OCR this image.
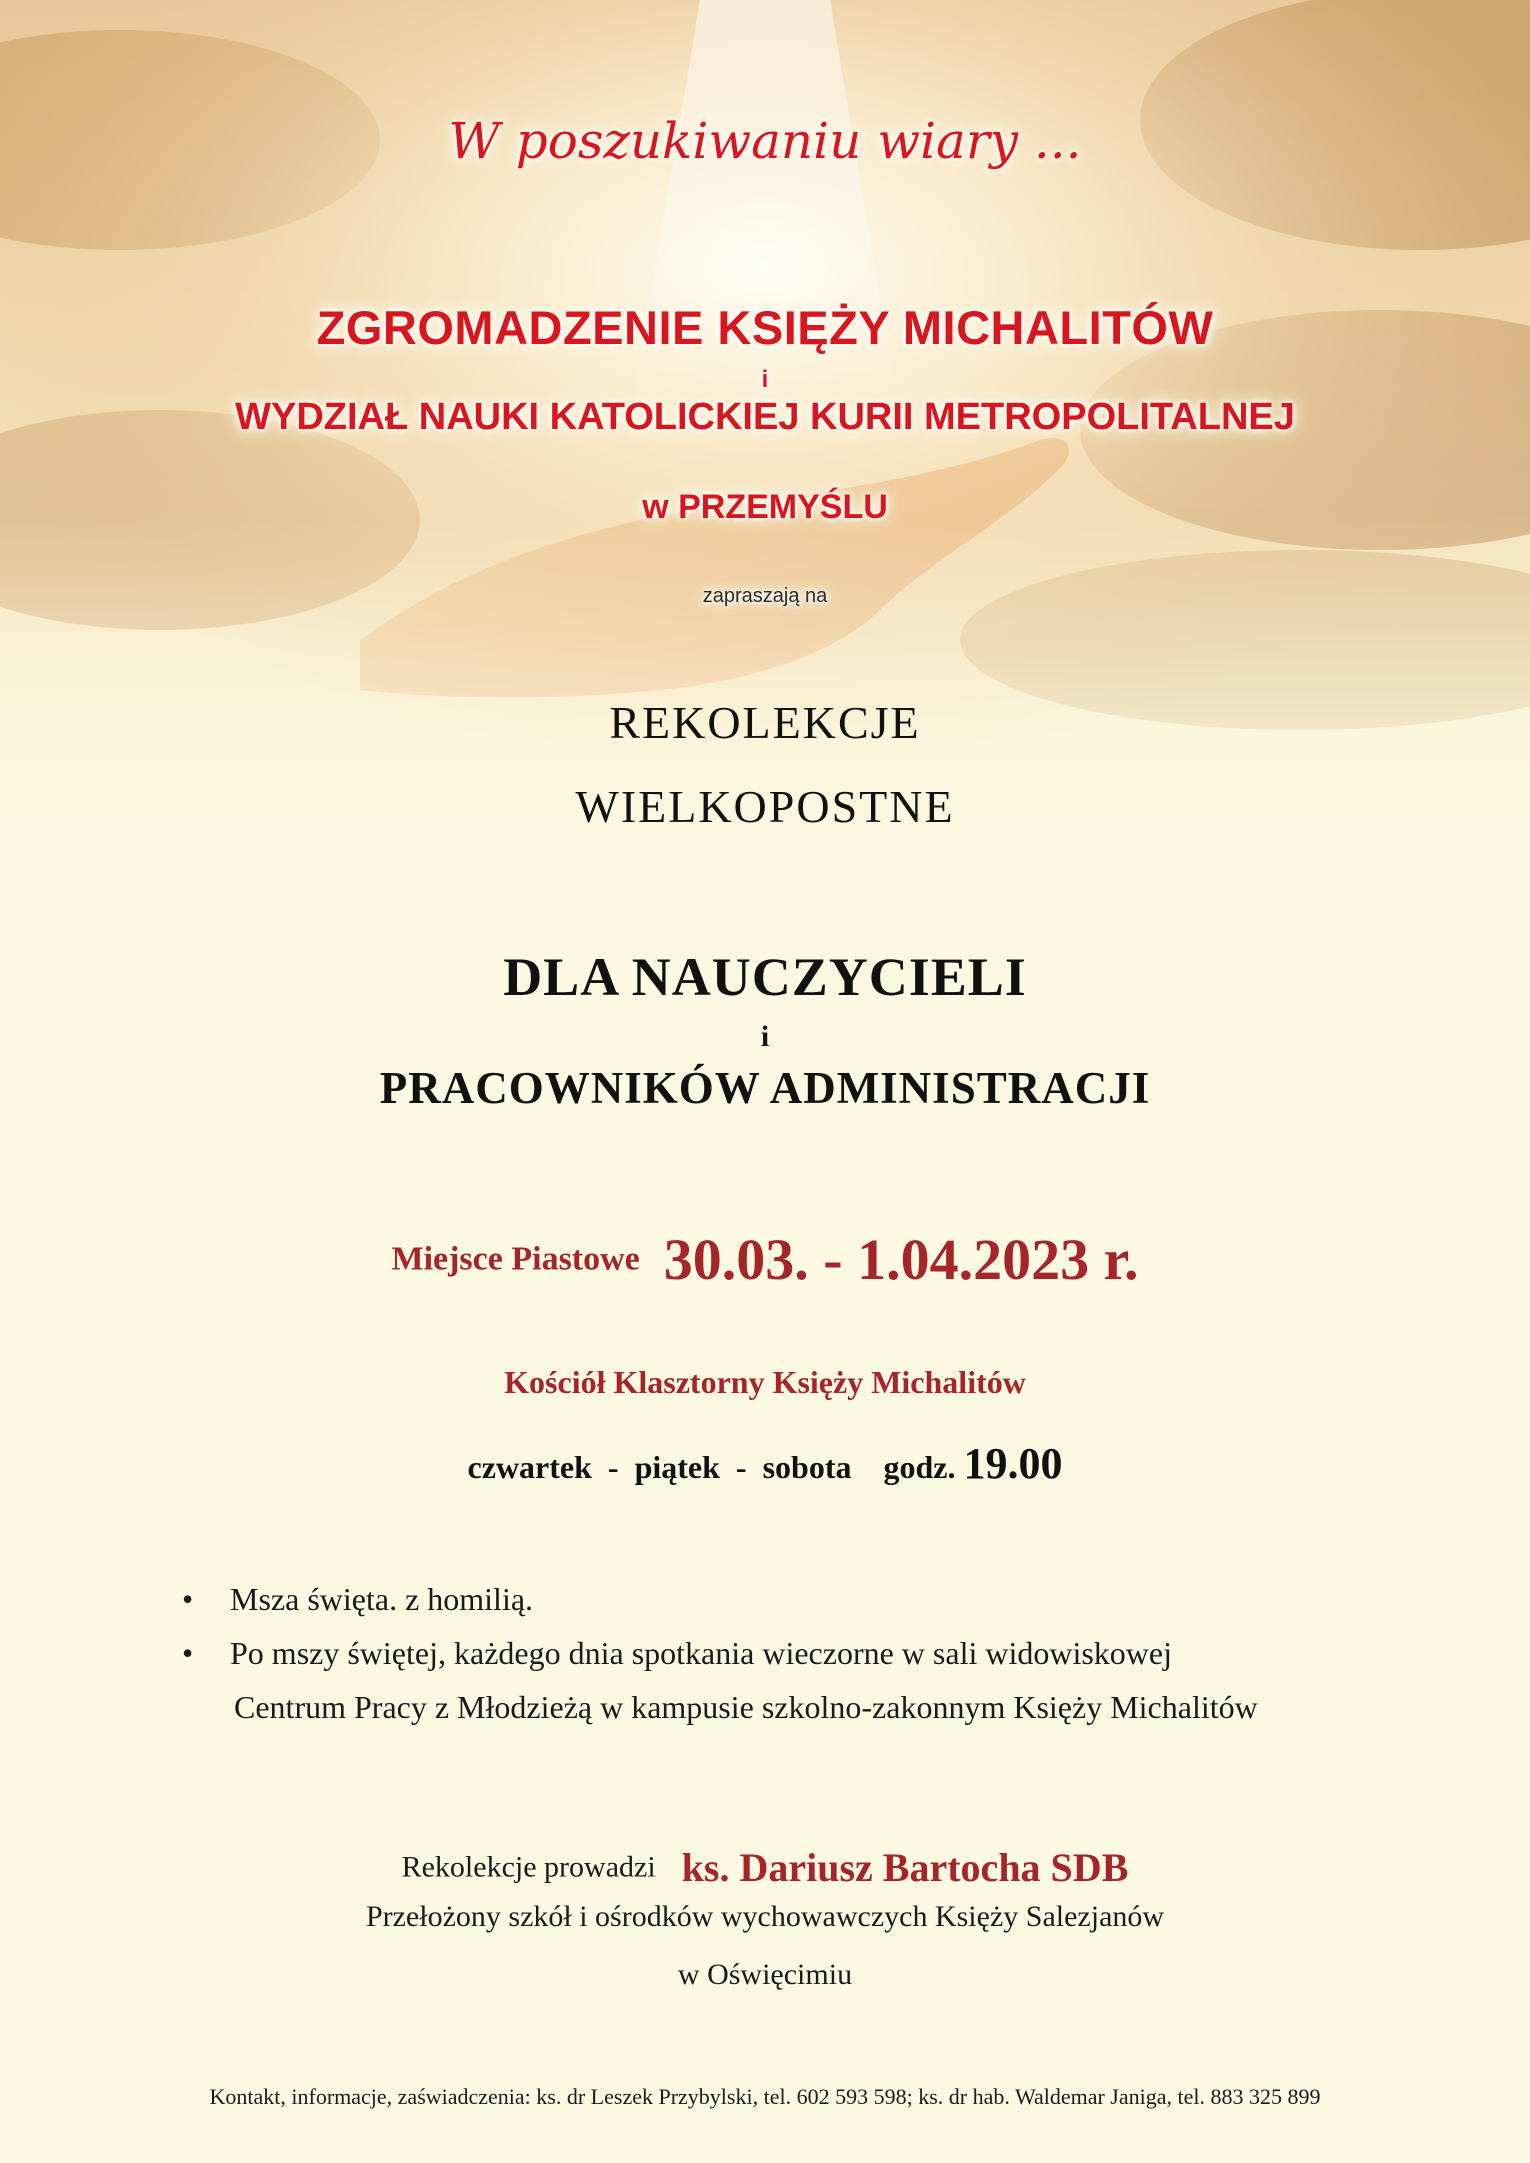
W poszukiwaniu wiary ...
ZGROMADZENIE KSIĘŻY MICHALITÓW
i
WYDZIAŁ NAUKI KATOLICKIEJ KURII METROPOLITALNEJ
w PRZEMYŚLU
zapraszają na
REKOLEKCJE
WIELKOPOSTNE
DLA NAUCZYCIELI
i
PRACOWNIKÓW ADMINISTRACJI
Miejsce Piastowe 30.03. - 1.04.2023 r.
Kościół Klasztorny Księży Michalitów
czwartek  -  piątek  -  sobota    godz. 19.00
• Msza święta. z homilią.
• Po mszy świętej, każdego dnia spotkania wieczorne w sali widowiskowej
Centrum Pracy z Młodzieżą w kampusie szkolno-zakonnym Księży Michalitów
Rekolekcje prowadzi ks. Dariusz Bartocha SDB
Przełożony szkół i ośrodków wychowawczych Księży Salezjanów
w Oświęcimiu
Kontakt, informacje, zaświadczenia: ks. dr Leszek Przybylski, tel. 602 593 598; ks. dr hab. Waldemar Janiga, tel. 883 325 899
